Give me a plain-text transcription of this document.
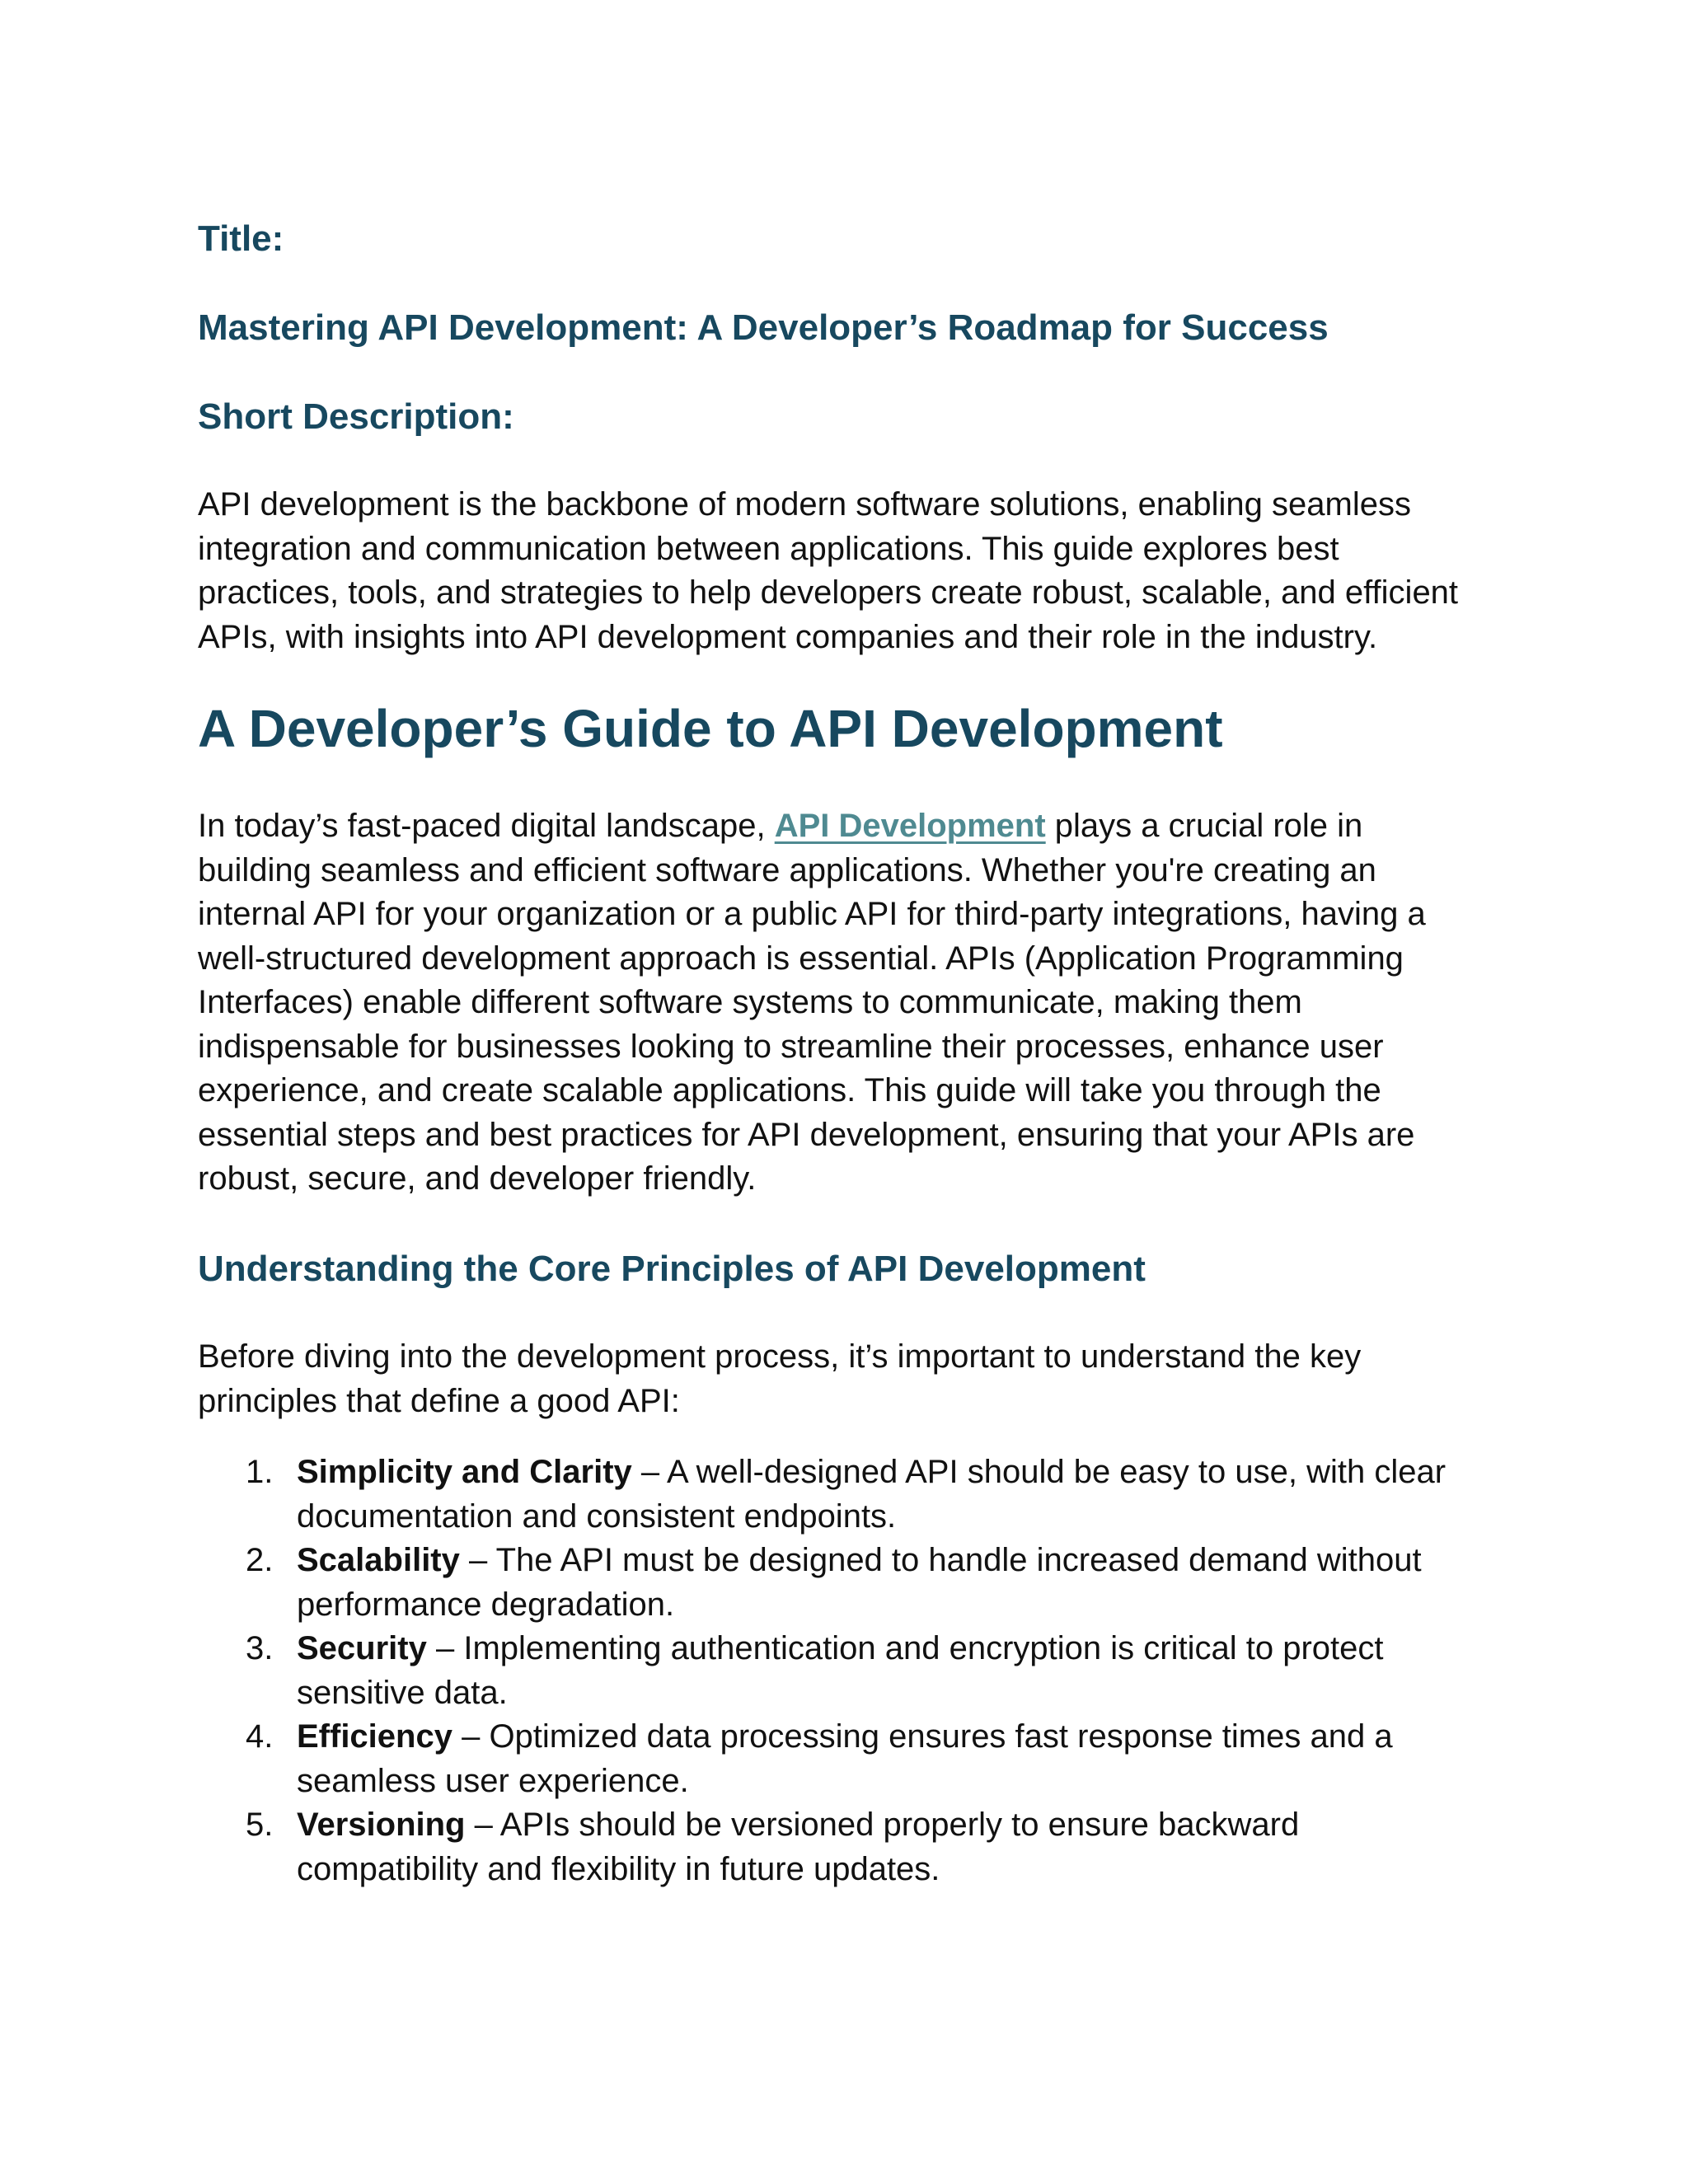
Title:
Mastering API Development: A Developer’s Roadmap for Success
Short Description:

API development is the backbone of modern software solutions, enabling seamless
integration and communication between applications. This guide explores best
practices, tools, and strategies to help developers create robust, scalable, and efficient
APIs, with insights into API development companies and their role in the industry.

A Developer’s Guide to API Development

In today’s fast-paced digital landscape, API Development plays a crucial role in
building seamless and efficient software applications. Whether you're creating an
internal API for your organization or a public API for third-party integrations, having a
well-structured development approach is essential. APIs (Application Programming
Interfaces) enable different software systems to communicate, making them
indispensable for businesses looking to streamline their processes, enhance user
experience, and create scalable applications. This guide will take you through the
essential steps and best practices for API development, ensuring that your APIs are
robust, secure, and developer friendly.

Understanding the Core Principles of API Development

Before diving into the development process, it’s important to understand the key
principles that define a good API:

1. Simplicity and Clarity – A well-designed API should be easy to use, with clear
documentation and consistent endpoints.
2. Scalability – The API must be designed to handle increased demand without
performance degradation.
3. Security – Implementing authentication and encryption is critical to protect
sensitive data.
4. Efficiency – Optimized data processing ensures fast response times and a
seamless user experience.
5. Versioning – APIs should be versioned properly to ensure backward
compatibility and flexibility in future updates.
